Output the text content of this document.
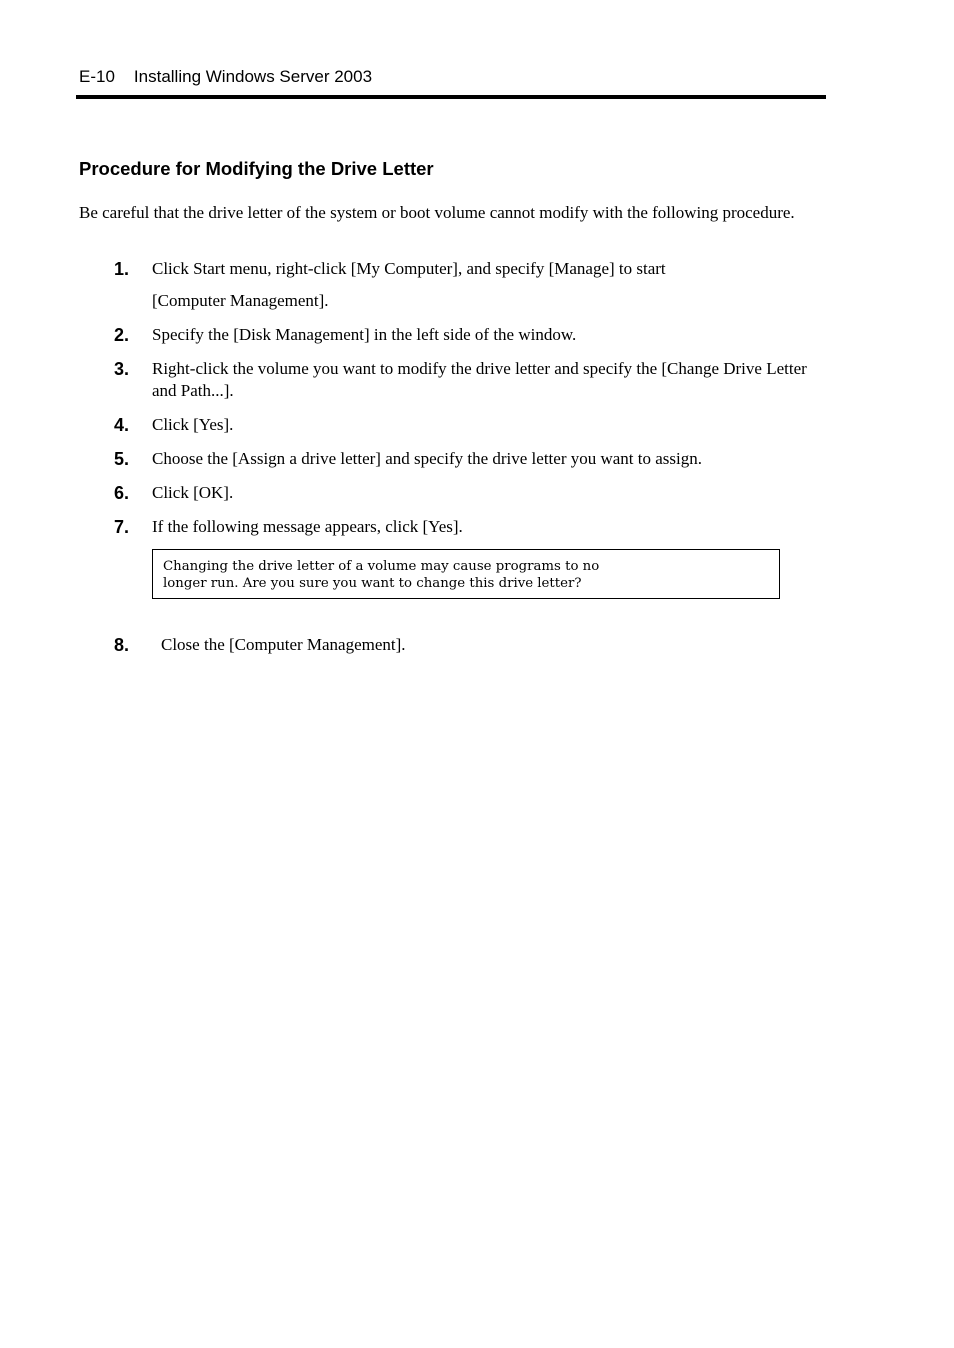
E-10 Installing Windows Server 2003
Procedure for Modifying the Drive Letter
Be careful that the drive letter of the system or boot volume cannot modify with the following procedure.
1. Click Start menu, right-click [My Computer], and specify [Manage] to start
[Computer Management].
2. Specify the [Disk Management] in the left side of the window.
3. Right-click the volume you want to modify the drive letter and specify the [Change Drive Letter and Path...].
4. Click [Yes].
5. Choose the [Assign a drive letter] and specify the drive letter you want to assign.
6. Click [OK].
7. If the following message appears, click [Yes].
Changing the drive letter of a volume may cause programs to no
longer run. Are you sure you want to change this drive letter?
8. Close the [Computer Management].
